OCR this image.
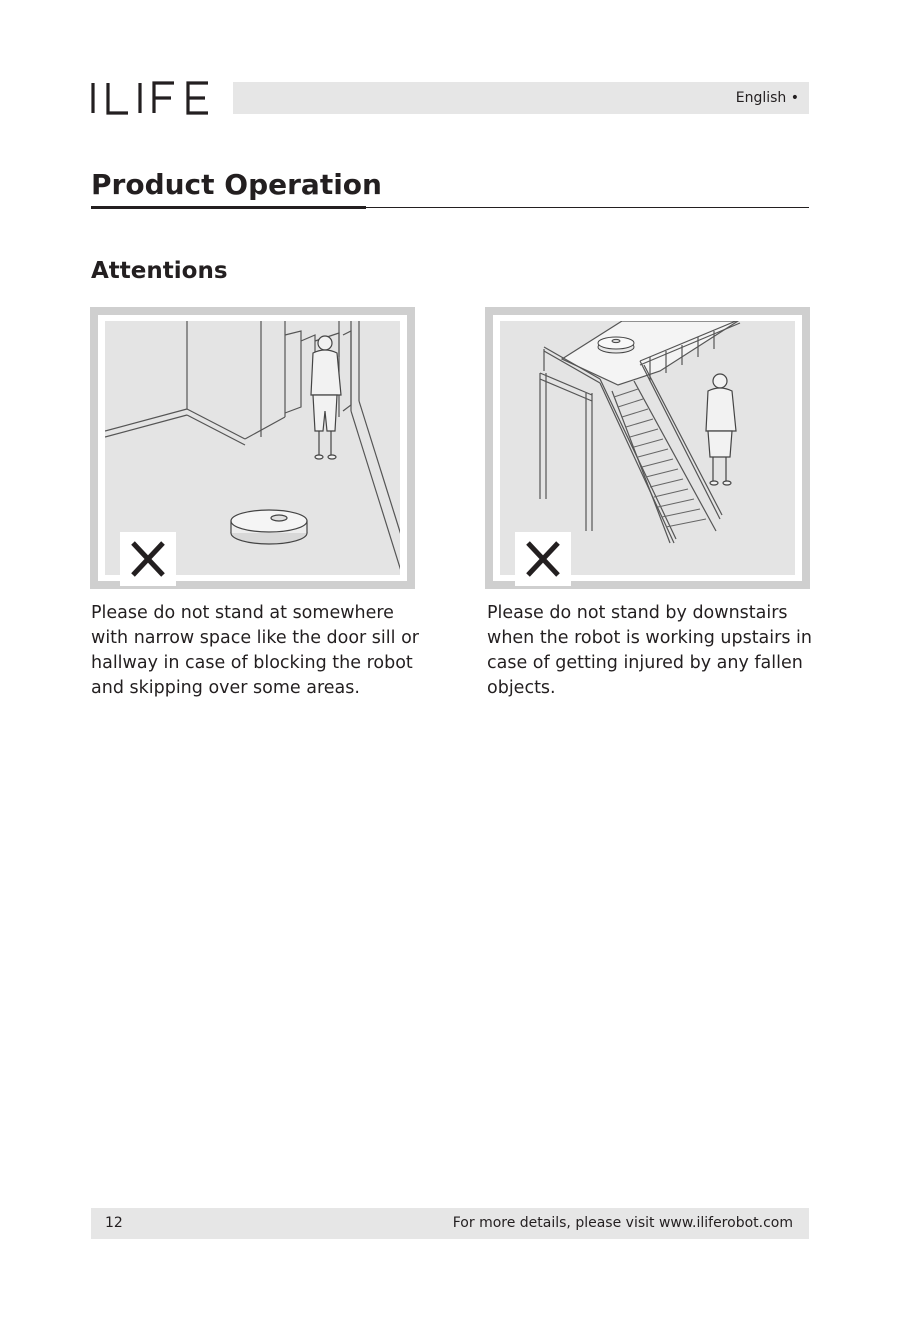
English •
Product Operation
Attentions

Please do not stand at somewhere with narrow space like the door sill or hallway in case of blocking the robot and skipping over some areas.

Please do not stand by downstairs when the robot is working upstairs in case of getting injured by any fallen objects.

12	For more details, please visit www.iliferobot.com
